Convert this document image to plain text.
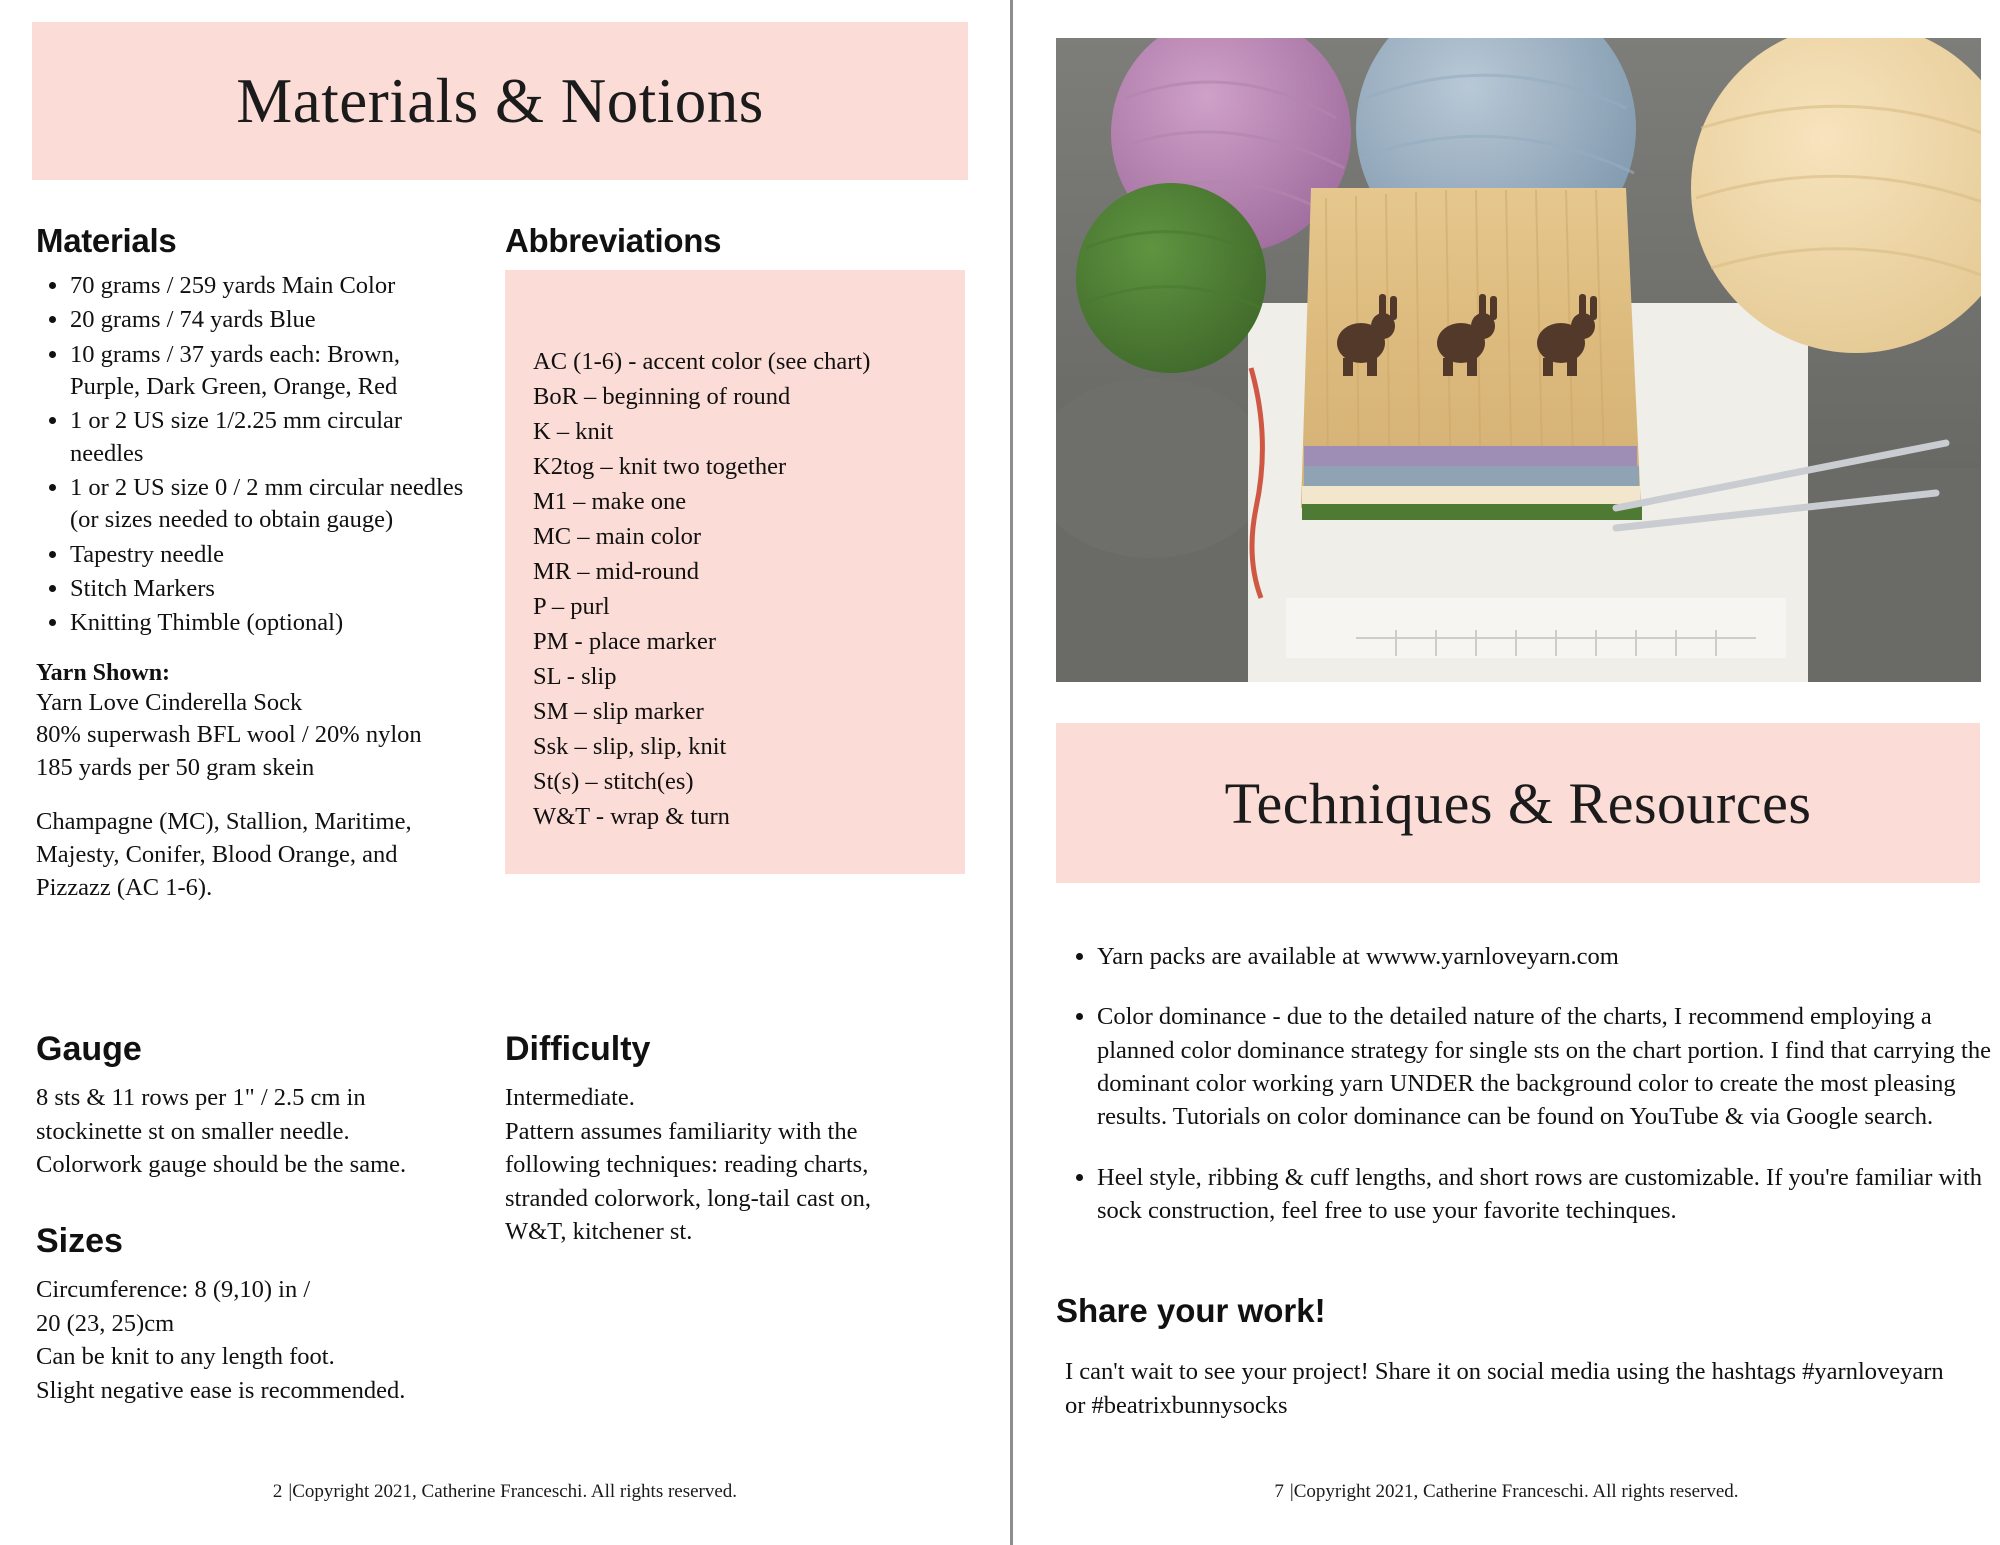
Materials & Notions
Materials
• 70 grams / 259 yards Main Color
• 20 grams / 74 yards Blue
• 10 grams / 37 yards each: Brown, Purple, Dark Green, Orange, Red
• 1 or 2 US size 1/2.25 mm circular needles
• 1 or 2 US size 0 / 2 mm circular needles (or sizes needed to obtain gauge)
• Tapestry needle
• Stitch Markers
• Knitting Thimble (optional)
Yarn Shown:
Yarn Love Cinderella Sock
80% superwash BFL wool / 20% nylon
185 yards per 50 gram skein
Champagne (MC), Stallion, Maritime,
Majesty, Conifer, Blood Orange, and
Pizzazz (AC 1-6).
Abbreviations
AC (1-6) - accent color (see chart)
BoR – beginning of round
K – knit
K2tog – knit two together
M1 – make one
MC – main color
MR – mid-round
P – purl
PM - place marker
SL - slip
SM – slip marker
Ssk – slip, slip, knit
St(s) – stitch(es)
W&T - wrap & turn
Gauge
8 sts & 11 rows per 1" / 2.5 cm in
stockinette st on smaller needle.
Colorwork gauge should be the same.
Sizes
Circumference: 8 (9,10) in /
20 (23, 25)cm
Can be knit to any length foot.
Slight negative ease is recommended.
Difficulty
Intermediate.
Pattern assumes familiarity with the
following techniques: reading charts,
stranded colorwork, long-tail cast on,
W&T, kitchener st.
2 |Copyright 2021, Catherine Franceschi. All rights reserved.
Techniques & Resources
• Yarn packs are available at wwww.yarnloveyarn.com
• Color dominance - due to the detailed nature of the charts, I recommend employing a planned color dominance strategy for single sts on the chart portion. I find that carrying the dominant color working yarn UNDER the background color to create the most pleasing results. Tutorials on color dominance can be found on YouTube & via Google search.
• Heel style, ribbing & cuff lengths, and short rows are customizable. If you're familiar with sock construction, feel free to use your favorite techinques.
Share your work!
I can't wait to see your project! Share it on social media using the hashtags #yarnloveyarn or #beatrixbunnysocks
7 |Copyright 2021, Catherine Franceschi. All rights reserved.
